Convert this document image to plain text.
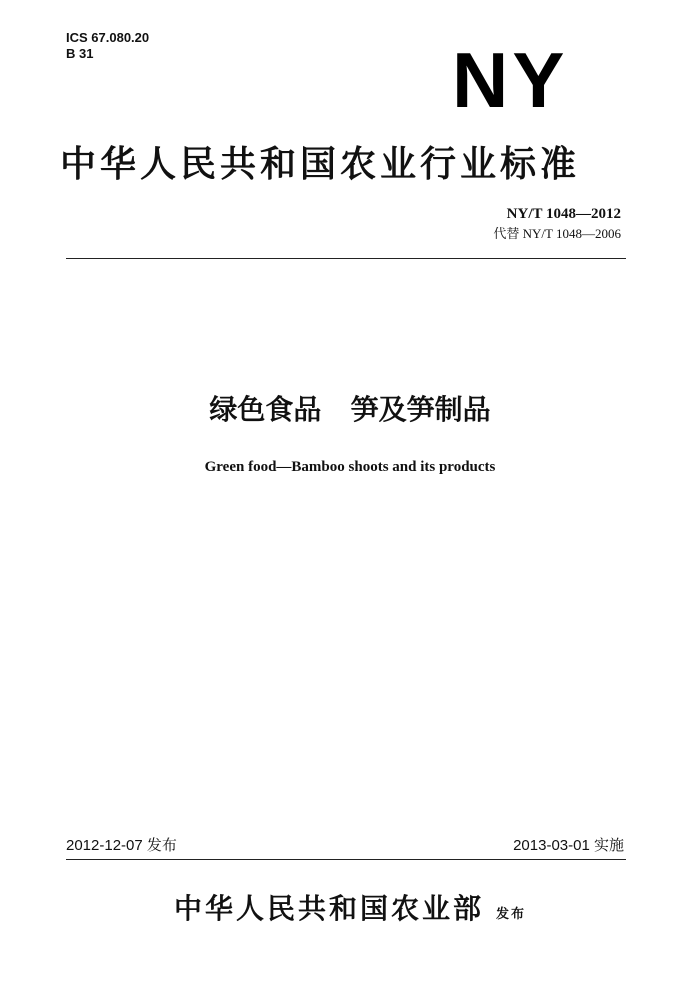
ICS 67.080.20
B 31	NY
中华人民共和国农业行业标准
NY/T 1048—2012
代替 NY/T 1048—2006
绿色食品   笋及笋制品
Green food—Bamboo shoots and its products
2012-12-07 发布	2013-03-01 实施
中华人民共和国农业部 发布
